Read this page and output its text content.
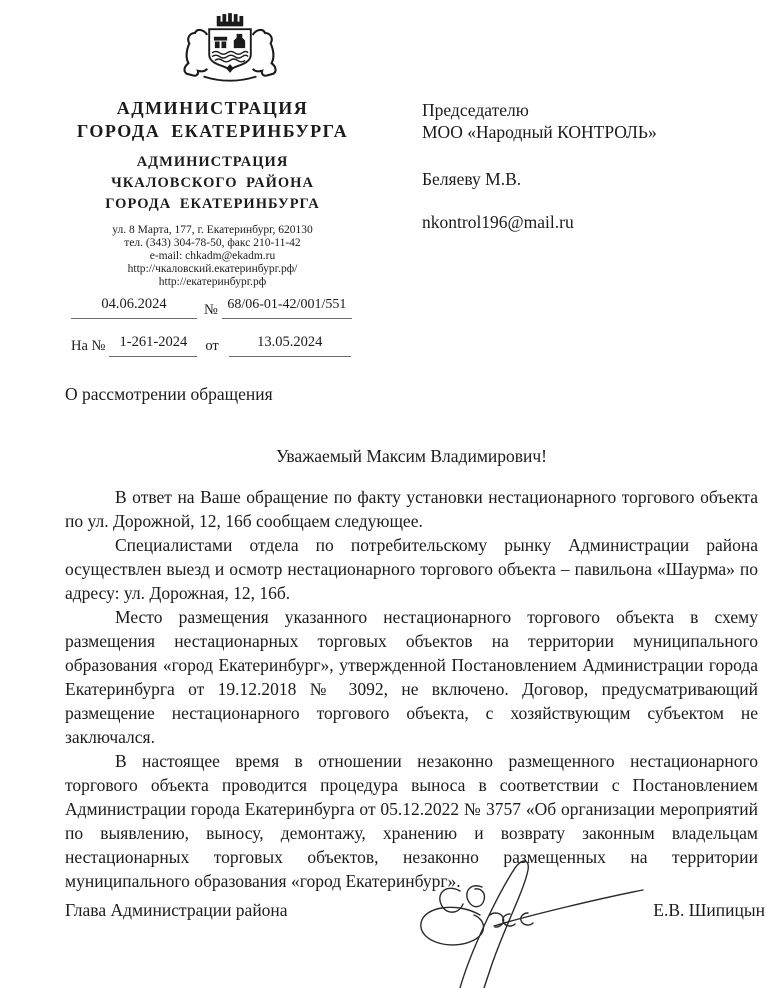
АДМИНИСТРАЦИЯ
ГОРОДА ЕКАТЕРИНБУРГА
АДМИНИСТРАЦИЯ
ЧКАЛОВСКОГО РАЙОНА
ГОРОДА ЕКАТЕРИНБУРГА
ул. 8 Марта, 177, г. Екатеринбург, 620130
тел. (343) 304-78-50, факс 210-11-42
e-mail: chkadm@ekadm.ru
http://чкаловский.екатеринбург.рф/
http://екатеринбург.рф
04.06.2024	№ 68/06-01-42/001/551
На № 1-261-2024	от	13.05.2024
Председателю
МОО «Народный КОНТРОЛЬ»
Беляеву М.В.
nkontrol196@mail.ru
О рассмотрении обращения
Уважаемый Максим Владимирович!

В ответ на Ваше обращение по факту установки нестационарного торгового объекта по ул. Дорожной, 12, 16б сообщаем следующее.

Специалистами отдела по потребительскому рынку Администрации района осуществлен выезд и осмотр нестационарного торгового объекта – павильона «Шаурма» по адресу: ул. Дорожная, 12, 16б.

Место размещения указанного нестационарного торгового объекта в схему размещения нестационарных торговых объектов на территории муниципального образования «город Екатеринбург», утвержденной Постановлением Администрации города Екатеринбурга от 19.12.2018 № 3092, не включено. Договор, предусматривающий размещение нестационарного торгового объекта, с хозяйствующим субъектом не заключался.

В настоящее время в отношении незаконно размещенного нестационарного торгового объекта проводится процедура выноса в соответствии с Постановлением Администрации города Екатеринбурга от 05.12.2022 № 3757 «Об организации мероприятий по выявлению, выносу, демонтажу, хранению и возврату законным владельцам нестационарных торговых объектов, незаконно размещенных на территории муниципального образования «город Екатеринбург».

Глава Администрации района	Е.В. Шипицын
